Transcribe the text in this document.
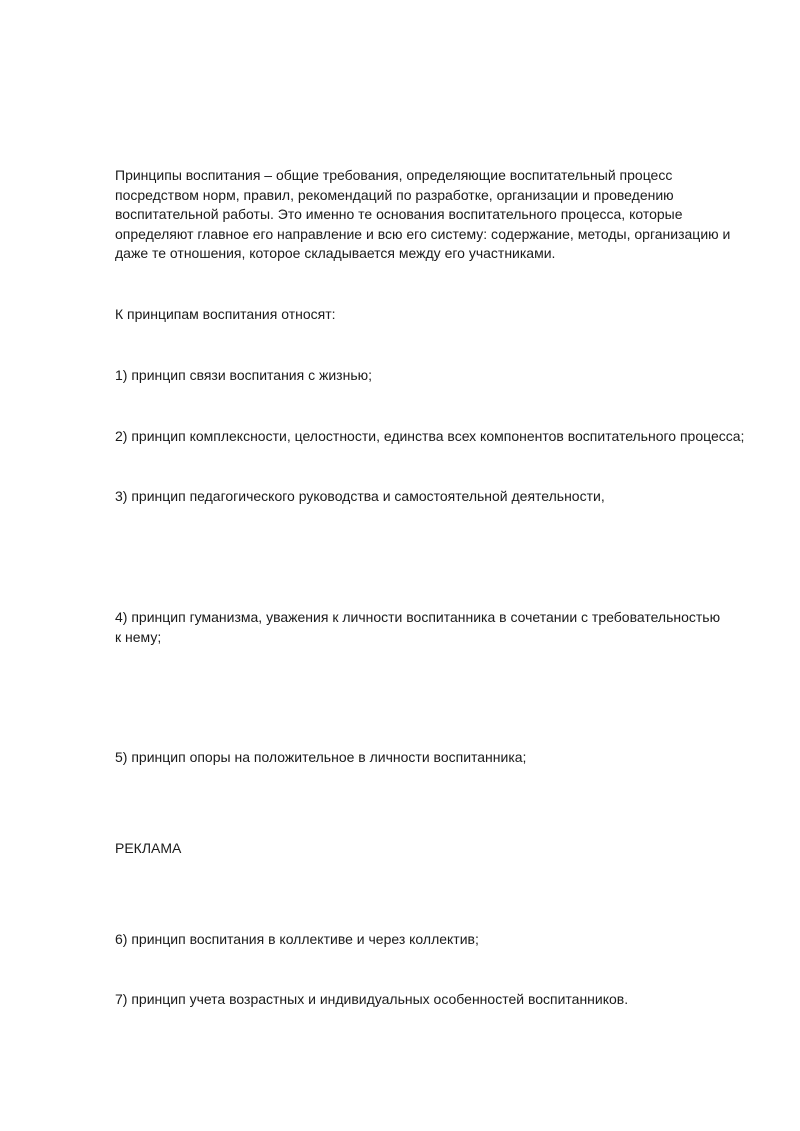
Принципы воспитания – общие требования, определяющие воспитательный процесс посредством норм, правил, рекомендаций по разработке, организации и проведению воспитательной работы. Это именно те основания воспитательного процесса, которые определяют главное его направление и всю его систему: содержание, методы, организацию и даже те отношения, которое складывается между его участниками.

К принципам воспитания относят:

1) принцип связи воспитания с жизнью;

2) принцип комплексности, целостности, единства всех компонентов воспитательного процесса;

3) принцип педагогического руководства и самостоятельной деятельности,

4) принцип гуманизма, уважения к личности воспитанника в сочетании с требовательностью к нему;

5) принцип опоры на положительное в личности воспитанника;

РЕКЛАМА

6) принцип воспитания в коллективе и через коллектив;

7) принцип учета возрастных и индивидуальных особенностей воспитанников.
